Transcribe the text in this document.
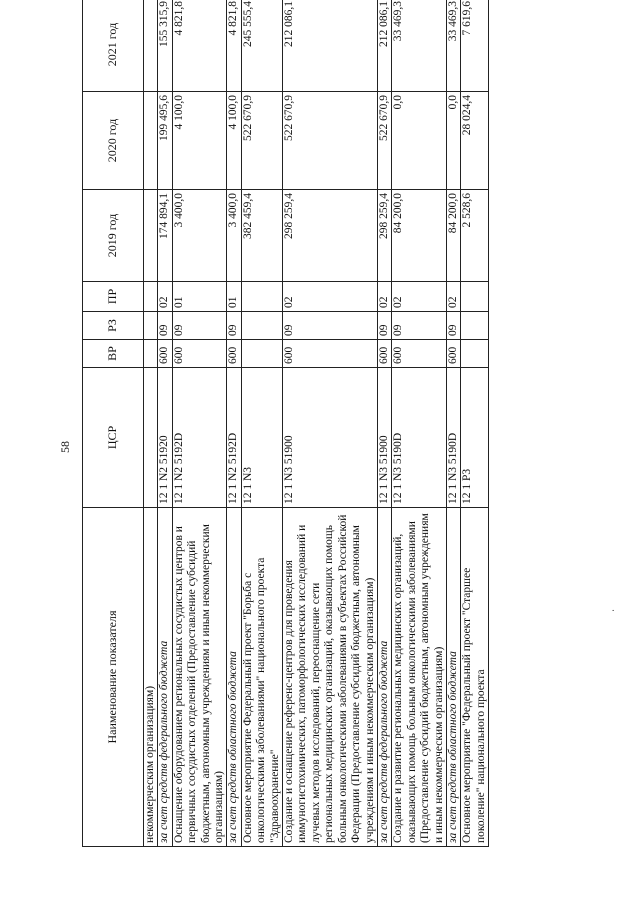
58
Наименование показателя	ЦСР	ВР	РЗ	ПР	2019 год	2020 год	2021 год
некоммерческим организациям)							
за счет средств федерального бюджета	12 1 N2 51920	600	09	02	174 894,1	199 495,6	155 315,9
Оснащение оборудованием региональных сосудистых центров и первичных сосудистых отделений (Предоставление субсидий бюджетным, автономным учреждениям и иным некоммерческим организациям)	12 1 N2 5192D	600	09	01	3 400,0	4 100,0	4 821,8
за счет средств областного бюджета	12 1 N2 5192D	600	09	01	3 400,0	4 100,0	4 821,8
Основное мероприятие Федеральный проект "Борьба с онкологическими заболеваниями" национального проекта "Здравоохранение"	12 1 N3				382 459,4	522 670,9	245 555,4
Создание и оснащение референс-центров для проведения иммуногистохимических, патоморфологических исследований и лучевых методов исследований, переоснащение сети региональных медицинских организаций, оказывающих помощь больным онкологическими заболеваниями в субъектах Российской Федерации (Предоставление субсидий бюджетным, автономным учреждениям и иным некоммерческим организациям)	12 1 N3 51900	600	09	02	298 259,4	522 670,9	212 086,1
за счет средств федерального бюджета	12 1 N3 51900	600	09	02	298 259,4	522 670,9	212 086,1
Создание и развитие региональных медицинских организаций, оказывающих помощь больным онкологическими заболеваниями (Предоставление субсидий бюджетным, автономным учреждениям и иным некоммерческим организациям)	12 1 N3 5190D	600	09	02	84 200,0	0,0	33 469,3
за счет средств областного бюджета	12 1 N3 5190D	600	09	02	84 200,0	0,0	33 469,3
Основное мероприятие "Федеральный проект "Старшее поколение" национального проекта	12 1 P3				2 528,6	28 024,4	7 619,6
.
